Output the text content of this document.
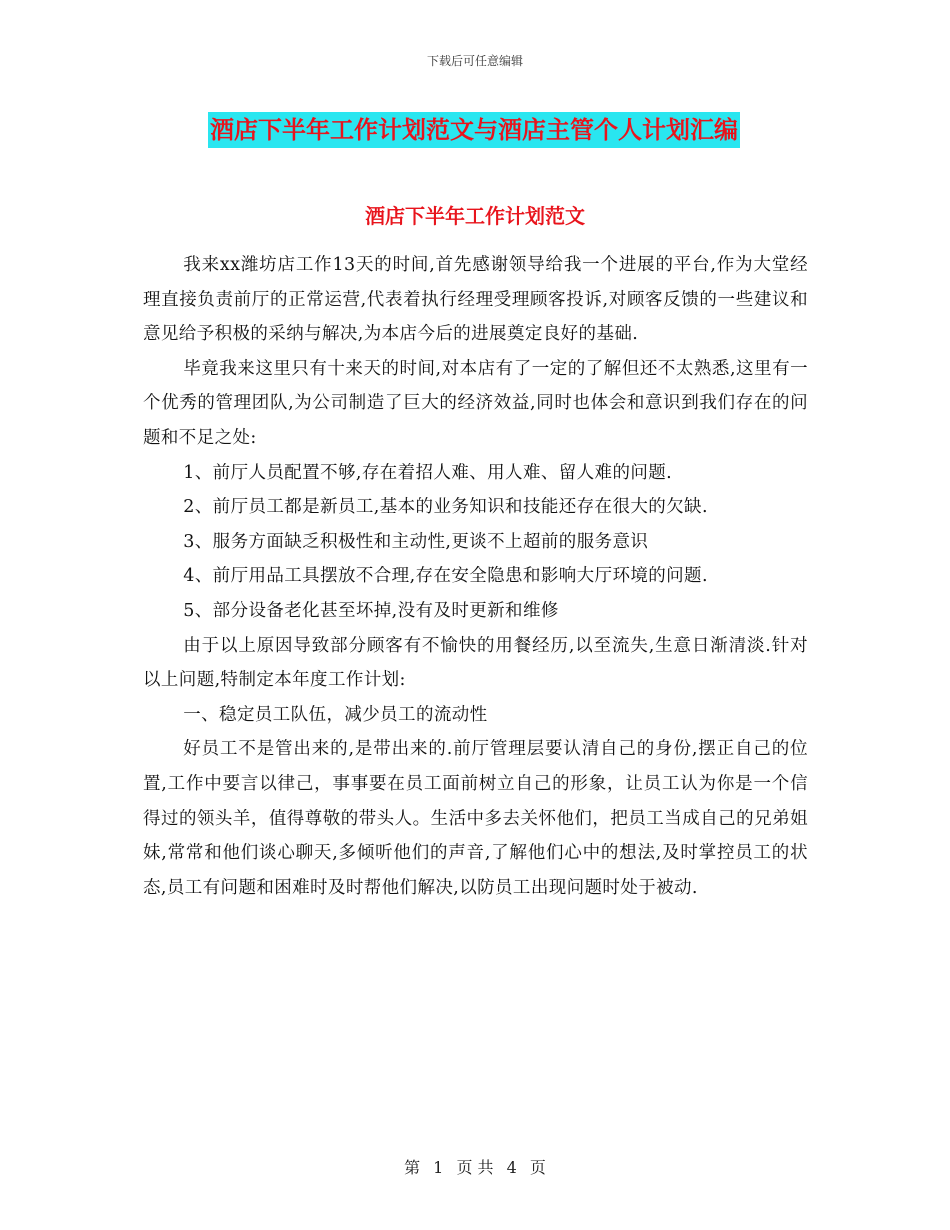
下载后可任意编辑
酒店下半年工作计划范文与酒店主管个人计划汇编
酒店下半年工作计划范文

我来xx潍坊店工作13天的时间,首先感谢领导给我一个进展的平台,作为大堂经理直接负责前厅的正常运营,代表着执行经理受理顾客投诉,对顾客反馈的一些建议和意见给予积极的采纳与解决,为本店今后的进展奠定良好的基础.

毕竟我来这里只有十来天的时间,对本店有了一定的了解但还不太熟悉,这里有一个优秀的管理团队,为公司制造了巨大的经济效益,同时也体会和意识到我们存在的问题和不足之处:

1、前厅人员配置不够,存在着招人难、用人难、留人难的问题.

2、前厅员工都是新员工,基本的业务知识和技能还存在很大的欠缺.

3、服务方面缺乏积极性和主动性,更谈不上超前的服务意识

4、前厅用品工具摆放不合理,存在安全隐患和影响大厅环境的问题.

5、部分设备老化甚至坏掉,没有及时更新和维修

由于以上原因导致部分顾客有不愉快的用餐经历,以至流失,生意日渐清淡.针对以上问题,特制定本年度工作计划:

一、稳定员工队伍，减少员工的流动性

好员工不是管出来的,是带出来的.前厅管理层要认清自己的身份,摆正自己的位置,工作中要言以律己，事事要在员工面前树立自己的形象，让员工认为你是一个信得过的领头羊，值得尊敬的带头人。生活中多去关怀他们，把员工当成自己的兄弟姐妹,常常和他们谈心聊天,多倾听他们的声音,了解他们心中的想法,及时掌控员工的状态,员工有问题和困难时及时帮他们解决,以防员工出现问题时处于被动.

第 1 页 共 4 页
